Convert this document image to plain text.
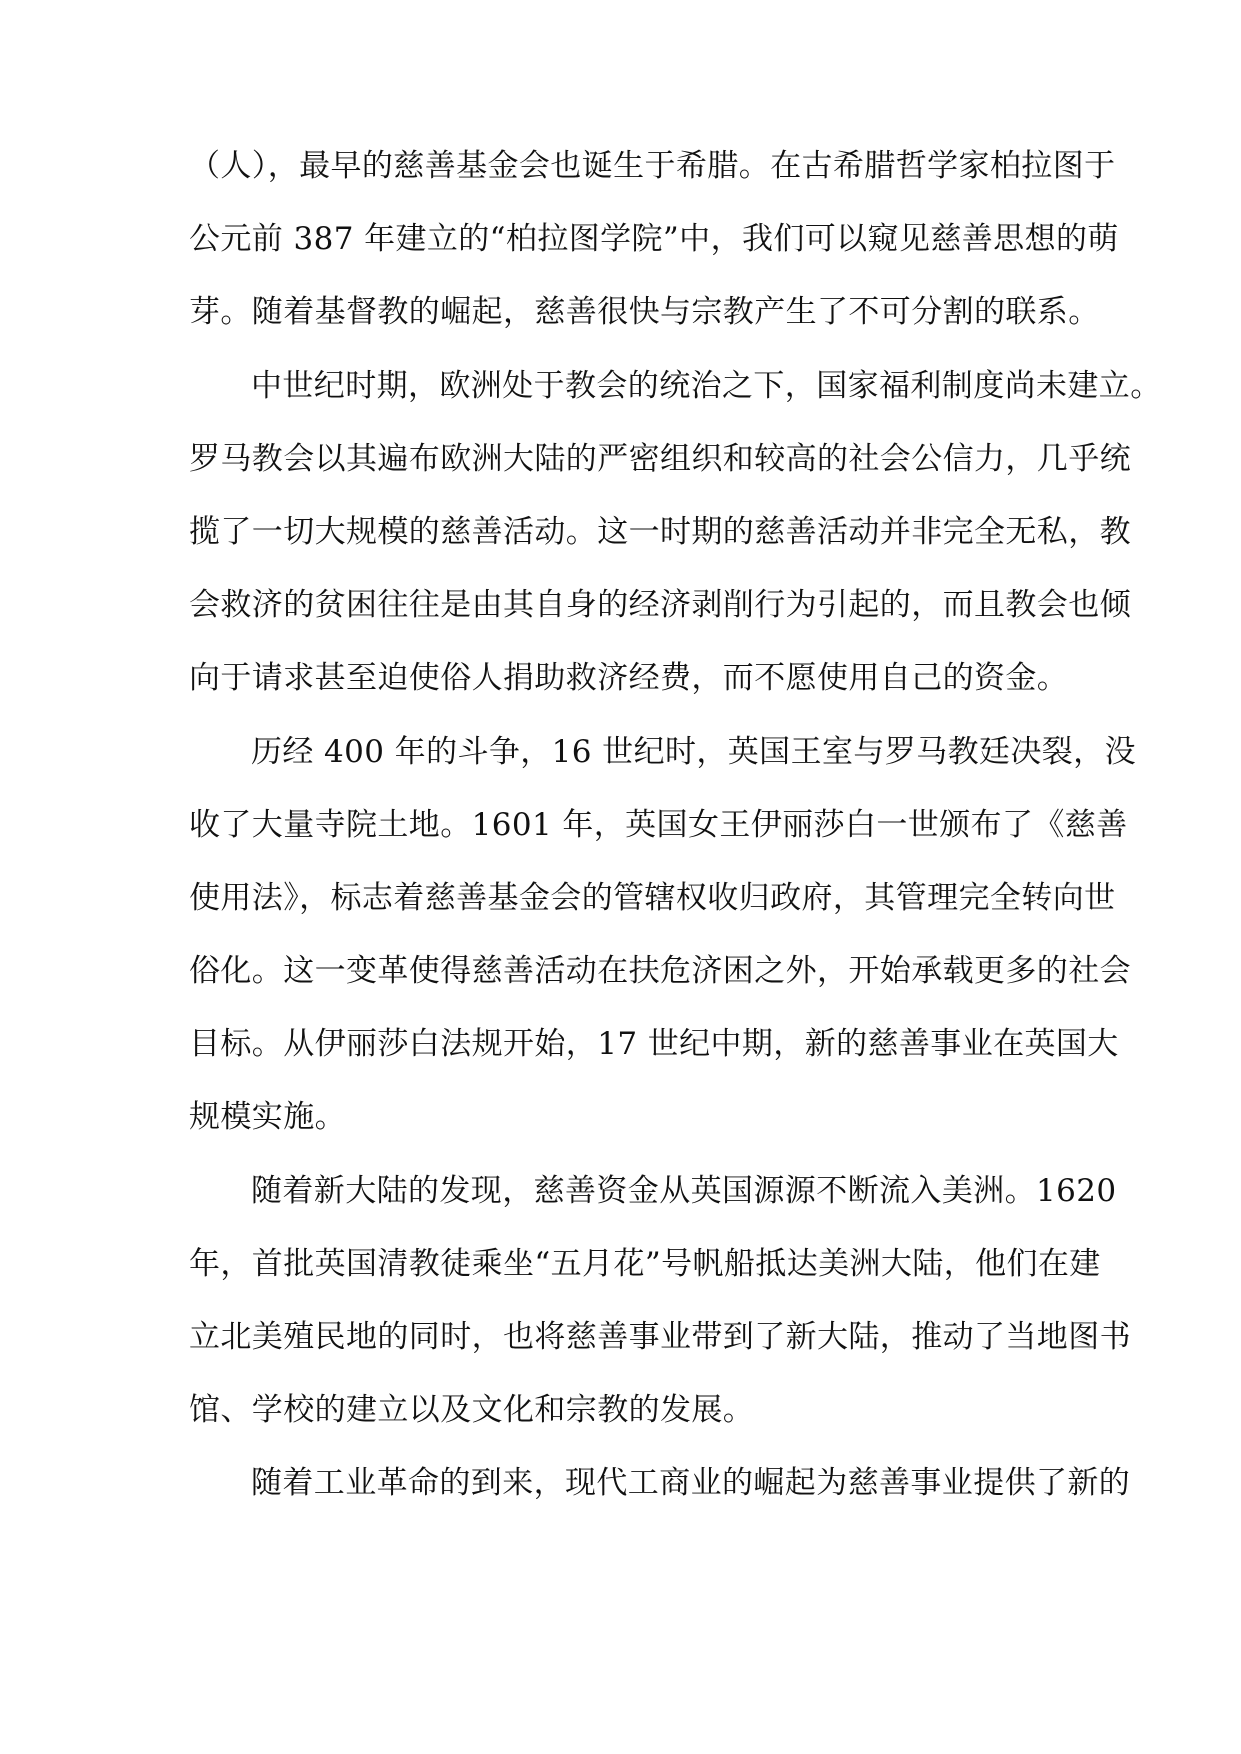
（人），最早的慈善基金会也诞生于希腊。在古希腊哲学家柏拉图于
公元前 387 年建立的“柏拉图学院”中，我们可以窥见慈善思想的萌
芽。随着基督教的崛起，慈善很快与宗教产生了不可分割的联系。
中世纪时期，欧洲处于教会的统治之下，国家福利制度尚未建立。
罗马教会以其遍布欧洲大陆的严密组织和较高的社会公信力，几乎统
揽了一切大规模的慈善活动。这一时期的慈善活动并非完全无私，教
会救济的贫困往往是由其自身的经济剥削行为引起的，而且教会也倾
向于请求甚至迫使俗人捐助救济经费，而不愿使用自己的资金。
历经 400 年的斗争，16 世纪时，英国王室与罗马教廷决裂，没
收了大量寺院土地。1601 年，英国女王伊丽莎白一世颁布了《慈善
使用法》，标志着慈善基金会的管辖权收归政府，其管理完全转向世
俗化。这一变革使得慈善活动在扶危济困之外，开始承载更多的社会
目标。从伊丽莎白法规开始，17 世纪中期，新的慈善事业在英国大
规模实施。
随着新大陆的发现，慈善资金从英国源源不断流入美洲。1620
年，首批英国清教徒乘坐“五月花”号帆船抵达美洲大陆，他们在建
立北美殖民地的同时，也将慈善事业带到了新大陆，推动了当地图书
馆、学校的建立以及文化和宗教的发展。
随着工业革命的到来，现代工商业的崛起为慈善事业提供了新的
